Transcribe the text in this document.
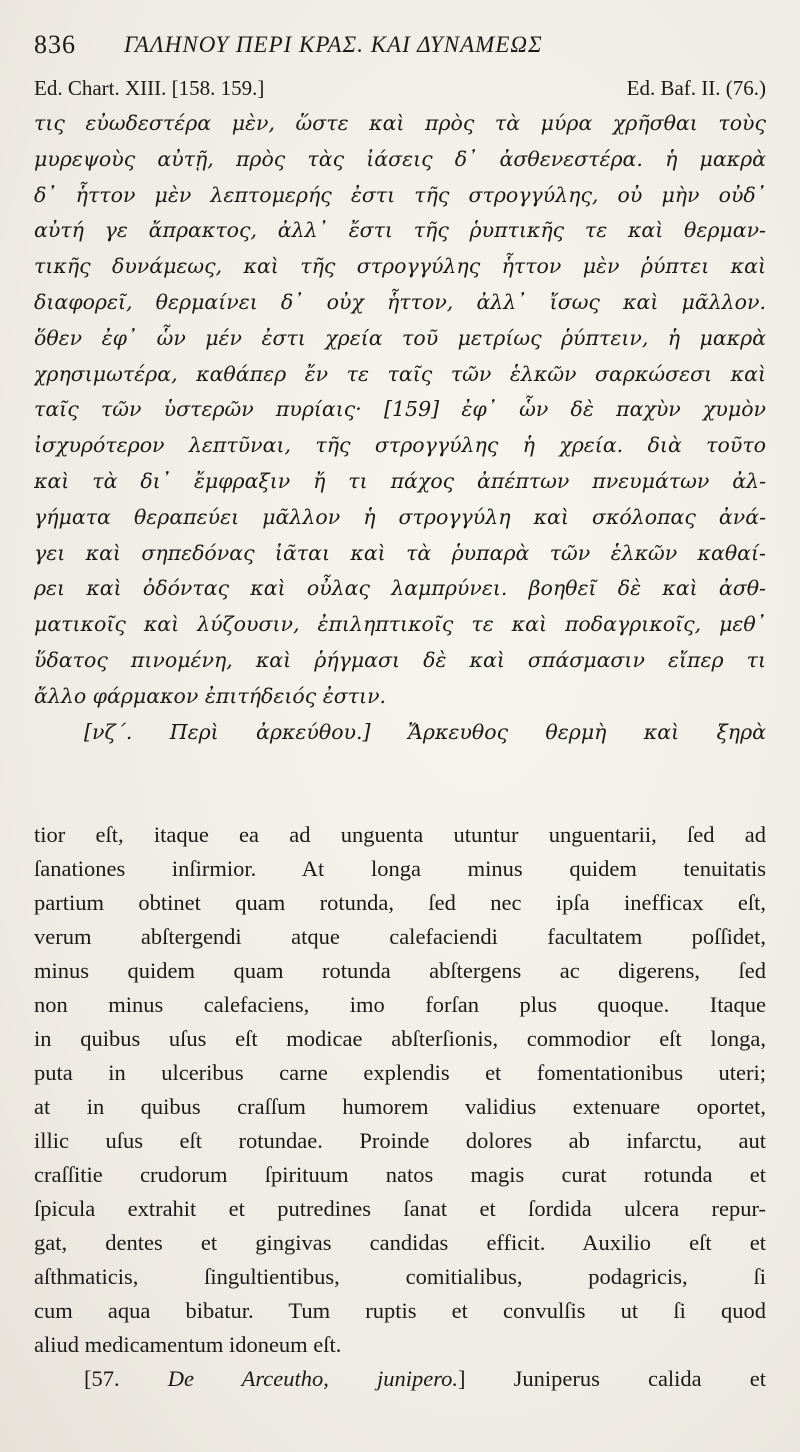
836 ΓΑΛΗΝΟΥ ΠΕΡΙ ΚΡΑΣ. ΚΑΙ ΔΥΝΑΜΕΩΣ
Ed. Chart. XIII. [158. 159.]	Ed. Baf. II. (76.)
τις εὐωδεστέρα μὲν, ὥστε καὶ πρὸς τὰ μύρα χρῆσθαι τοὺς
μυρεψοὺς αὐτῇ, πρὸς τὰς ἰάσεις δ᾽ ἀσθενεστέρα. ἡ μακρὰ
δ᾽ ἧττον μὲν λεπτομερής ἐστι τῆς στρογγύλης, οὐ μὴν οὐδ᾽
αὐτή γε ἄπρακτος, ἀλλ᾽ ἔστι τῆς ῥυπτικῆς τε καὶ θερμαν-
τικῆς δυνάμεως, καὶ τῆς στρογγύλης ἧττον μὲν ῥύπτει καὶ
διαφορεῖ, θερμαίνει δ᾽ οὐχ ἧττον, ἀλλ᾽ ἴσως καὶ μᾶλλον.
ὅθεν ἐφ᾽ ὧν μέν ἐστι χρεία τοῦ μετρίως ῥύπτειν, ἡ μακρὰ
χρησιμωτέρα, καθάπερ ἔν τε ταῖς τῶν ἑλκῶν σαρκώσεσι καὶ
ταῖς τῶν ὑστερῶν πυρίαις· [159] ἐφ᾽ ὧν δὲ παχὺν χυμὸν
ἰσχυρότερον λεπτῦναι, τῆς στρογγύλης ἡ χρεία. διὰ τοῦτο
καὶ τὰ δι᾽ ἔμφραξιν ἤ τι πάχος ἀπέπτων πνευμάτων ἀλ-
γήματα θεραπεύει μᾶλλον ἡ στρογγύλη καὶ σκόλοπας ἀνά-
γει καὶ σηπεδόνας ἰᾶται καὶ τὰ ῥυπαρὰ τῶν ἑλκῶν καθαί-
ρει καὶ ὀδόντας καὶ οὖλας λαμπρύνει. βοηθεῖ δὲ καὶ ἀσθ-
ματικοῖς καὶ λύζουσιν, ἐπιληπτικοῖς τε καὶ ποδαγρικοῖς, μεθ᾽
ὕδατος πινομένη, καὶ ῥήγμασι δὲ καὶ σπάσμασιν εἴπερ τι
ἄλλο φάρμακον ἐπιτήδειός ἐστιν.
[νζ΄. Περὶ ἀρκεύθου.] Ἄρκευθος θερμὴ καὶ ξηρὰ
tior eſt, itaque ea ad unguenta utuntur unguentarii, ſed ad
ſanationes inſirmior. At longa minus quidem tenuitatis
partium obtinet quam rotunda, ſed nec ipſa inefficax eſt,
verum abſtergendi atque calefaciendi facultatem poſſidet,
minus quidem quam rotunda abſtergens ac digerens, ſed
non minus calefaciens, imo forſan plus quoque. Itaque
in quibus uſus eſt modicae abſterſionis, commodior eſt longa,
puta in ulceribus carne explendis et fomentationibus uteri;
at in quibus craſſum humorem validius extenuare oportet,
illic uſus eſt rotundae. Proinde dolores ab infarctu, aut
craſſitie crudorum ſpirituum natos magis curat rotunda et
ſpicula extrahit et putredines ſanat et ſordida ulcera repur-
gat, dentes et gingivas candidas efficit. Auxilio eſt et
aſthmaticis, ſingultientibus, comitialibus, podagricis, ſi
cum aqua bibatur. Tum ruptis et convulſis ut ſi quod
aliud medicamentum idoneum eſt.
[57. De Arceutho, junipero.] Juniperus calida et
